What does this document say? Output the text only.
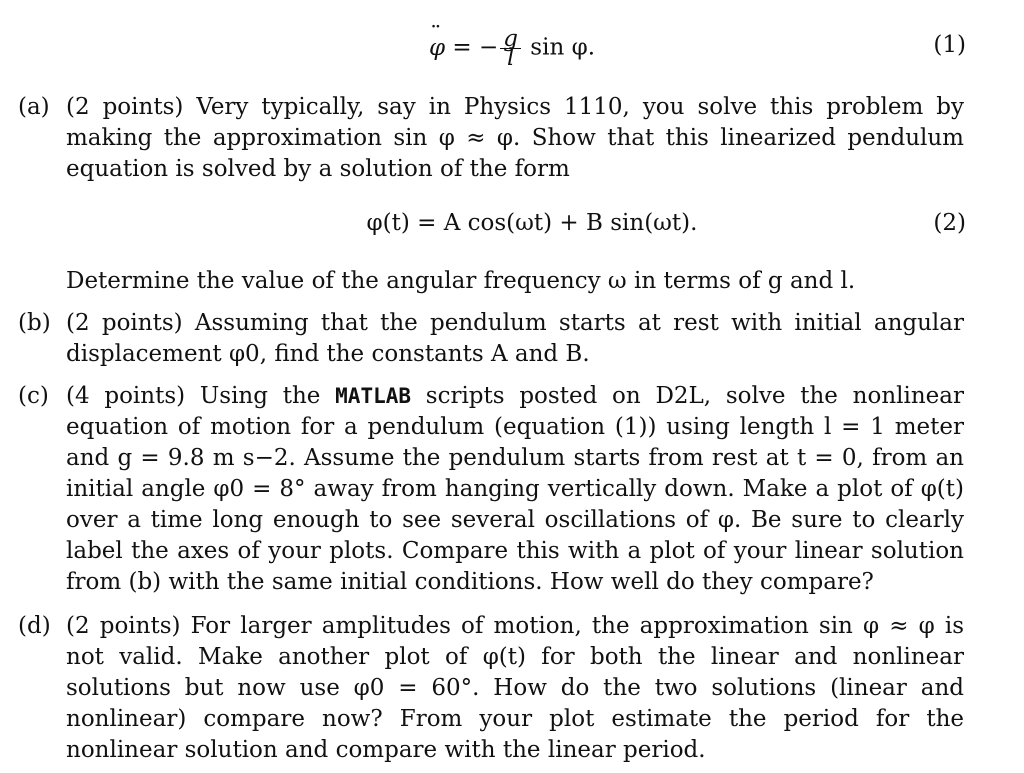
¨ φ = − $\frac{g}{l}$ sin φ.	(1)
(a) (2 points) Very typically, say in Physics 1110, you solve this problem by making the approximation sin φ ≈ φ. Show that this linearized pendulum equation is solved by a solution of the form
φ(t) = A cos(ωt) + B sin(ωt).	(2)
Determine the value of the angular frequency ω in terms of g and l.
(b) (2 points) Assuming that the pendulum starts at rest with initial angular displacement φ0, find the constants A and B.
(c) (4 points) Using the MATLAB scripts posted on D2L, solve the nonlinear equation of motion for a pendulum (equation (1)) using length l = 1 meter and g = 9.8 m s−2. Assume the pendulum starts from rest at t = 0, from an initial angle φ0 = 8° away from hanging vertically down. Make a plot of φ(t) over a time long enough to see several oscillations of φ. Be sure to clearly label the axes of your plots. Compare this with a plot of your linear solution from (b) with the same initial conditions. How well do they compare?
(d) (2 points) For larger amplitudes of motion, the approximation sin φ ≈ φ is not valid. Make another plot of φ(t) for both the linear and nonlinear solutions but now use φ0 = 60°. How do the two solutions (linear and nonlinear) compare now? From your plot estimate the period for the nonlinear solution and compare with the linear period.
